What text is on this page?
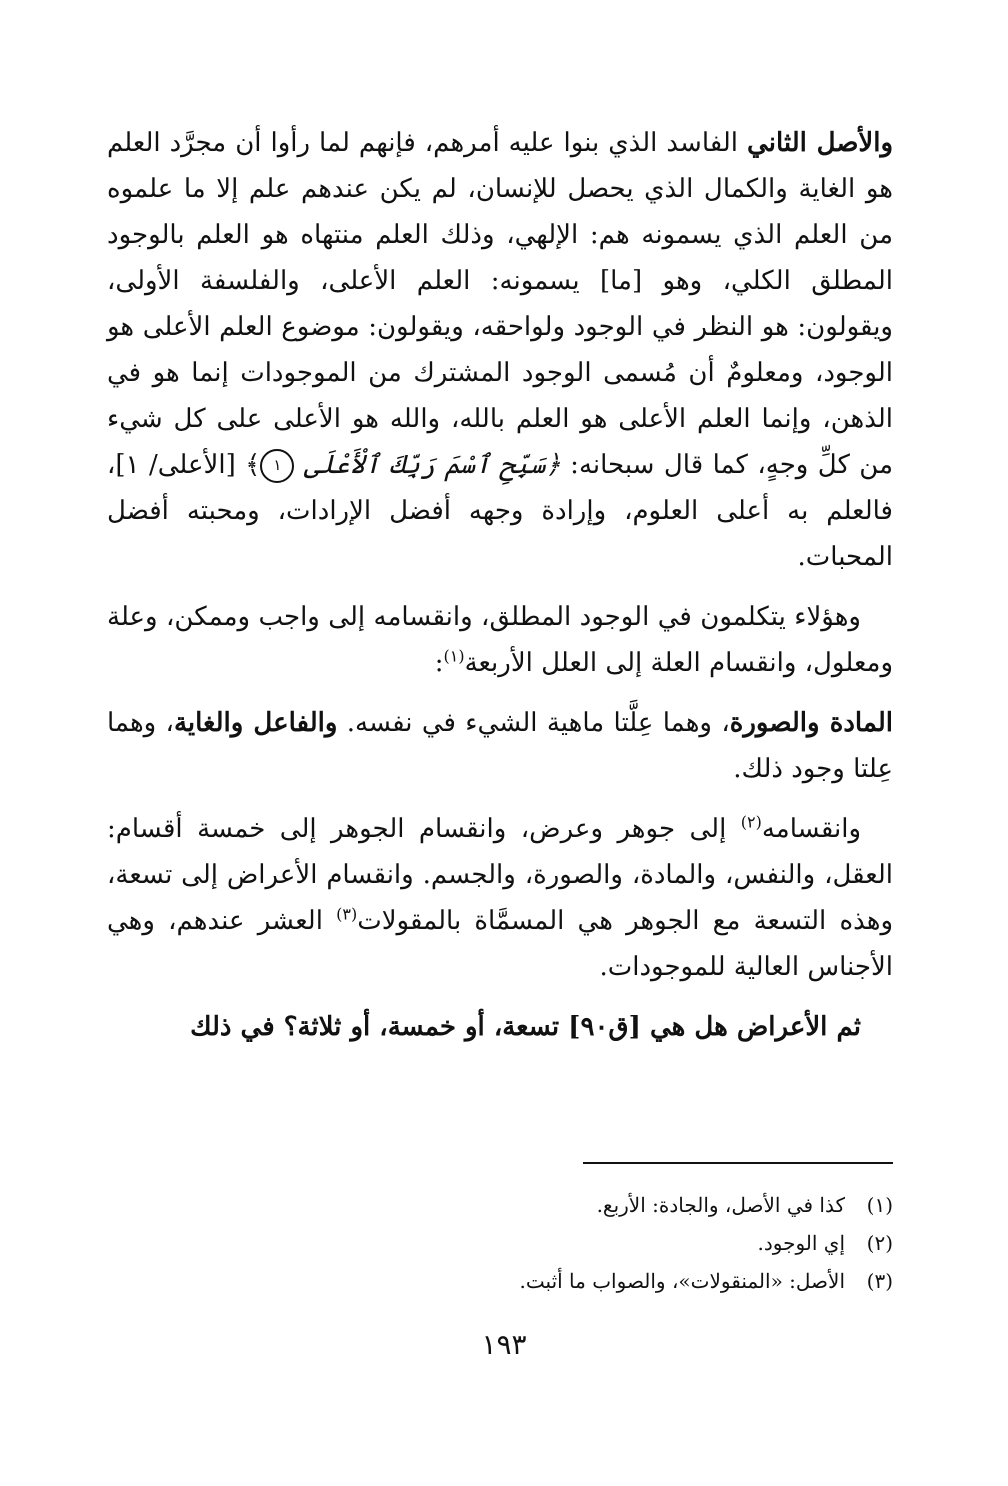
والأصل الثاني الفاسد الذي بنوا عليه أمرهم، فإنهم لما رأوا أن مجرَّد العلم هو الغاية والكمال الذي يحصل للإنسان، لم يكن عندهم علم إلا ما علموه من العلم الذي يسمونه هم: الإلهي، وذلك العلم منتهاه هو العلم بالوجود المطلق الكلي، وهو [ما] يسمونه: العلم الأعلى، والفلسفة الأولى، ويقولون: هو النظر في الوجود ولواحقه، ويقولون: موضوع العلم الأعلى هو الوجود، ومعلومٌ أن مُسمى الوجود المشترك من الموجودات إنما هو في الذهن، وإنما العلم الأعلى هو العلم بالله، والله هو الأعلى على كل شيء من كلِّ وجهٍ، كما قال سبحانه: ﴿سَبِّحِ ٱسْمَ رَبِّكَ ٱلْأَعْلَى ١﴾ [الأعلى/ ١]، فالعلم به أعلى العلوم، وإرادة وجهه أفضل الإرادات، ومحبته أفضل المحبات.

وهؤلاء يتكلمون في الوجود المطلق، وانقسامه إلى واجب وممكن، وعلة ومعلول، وانقسام العلة إلى العلل الأربعة$^{(١)}$:

المادة والصورة، وهما عِلَّتا ماهية الشيء في نفسه. والفاعل والغاية، وهما عِلتا وجود ذلك.

وانقسامه$^{(٢)}$ إلى جوهر وعرض، وانقسام الجوهر إلى خمسة أقسام: العقل، والنفس، والمادة، والصورة، والجسم. وانقسام الأعراض إلى تسعة، وهذه التسعة مع الجوهر هي المسمَّاة بالمقولات$^{(٣)}$ العشر عندهم، وهي الأجناس العالية للموجودات.

ثم الأعراض هل هي [ق٩٠] تسعة، أو خمسة، أو ثلاثة؟ في ذلك

(١)كذا في الأصل، والجادة: الأربع.

(٢)إي الوجود.

(٣)الأصل: «المنقولات»، والصواب ما أثبت.

١٩٣
